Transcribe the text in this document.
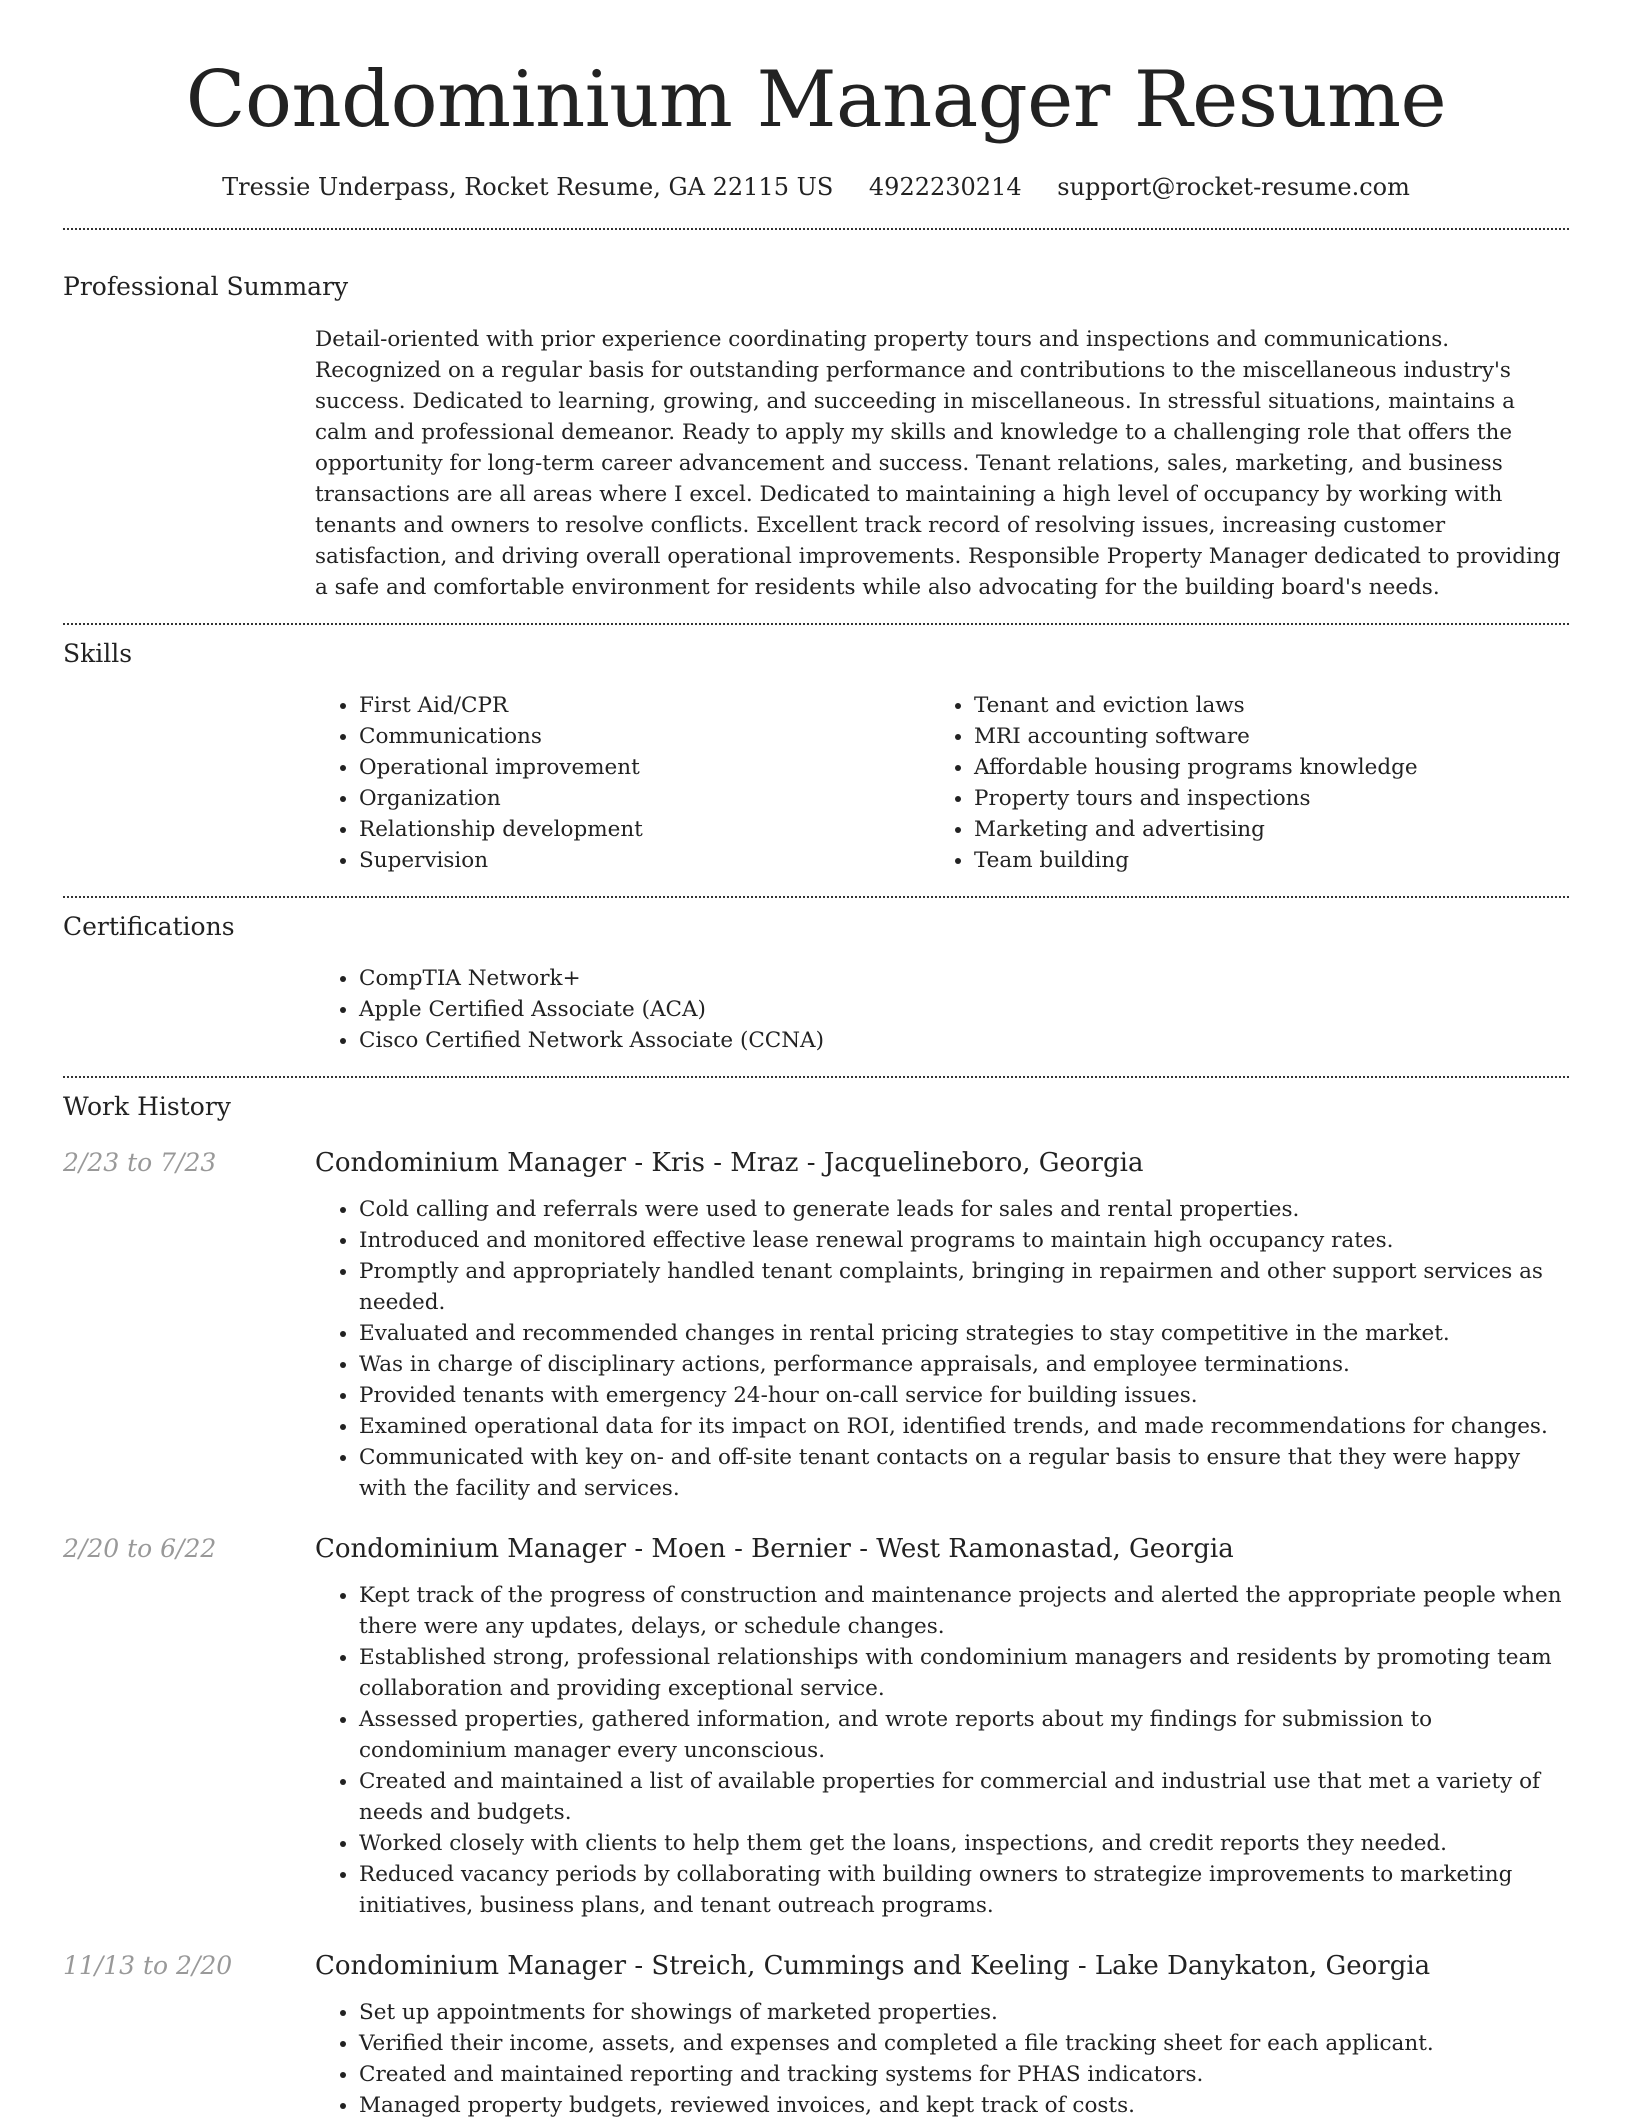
Condominium Manager Resume
Tressie Underpass, Rocket Resume, GA 22115 US 4922230214 support@rocket-resume.com
Professional Summary

Detail-oriented with prior experience coordinating property tours and inspections and communications. Recognized on a regular basis for outstanding performance and contributions to the miscellaneous industry's success. Dedicated to learning, growing, and succeeding in miscellaneous. In stressful situations, maintains a calm and professional demeanor. Ready to apply my skills and knowledge to a challenging role that offers the opportunity for long-term career advancement and success. Tenant relations, sales, marketing, and business transactions are all areas where I excel. Dedicated to maintaining a high level of occupancy by working with tenants and owners to resolve conflicts. Excellent track record of resolving issues, increasing customer satisfaction, and driving overall operational improvements. Responsible Property Manager dedicated to providing a safe and comfortable environment for residents while also advocating for the building board's needs.

Skills
• First Aid/CPR
• Communications
• Operational improvement
• Organization
• Relationship development
• Supervision
• Tenant and eviction laws
• MRI accounting software
• Affordable housing programs knowledge
• Property tours and inspections
• Marketing and advertising
• Team building
Certifications
• CompTIA Network+
• Apple Certified Associate (ACA)
• Cisco Certified Network Associate (CCNA)
Work History
2/23 to 7/23	Condominium Manager - Kris - Mraz - Jacquelineboro, Georgia
• Cold calling and referrals were used to generate leads for sales and rental properties.
• Introduced and monitored effective lease renewal programs to maintain high occupancy rates.
• Promptly and appropriately handled tenant complaints, bringing in repairmen and other support services as needed.
• Evaluated and recommended changes in rental pricing strategies to stay competitive in the market.
• Was in charge of disciplinary actions, performance appraisals, and employee terminations.
• Provided tenants with emergency 24-hour on-call service for building issues.
• Examined operational data for its impact on ROI, identified trends, and made recommendations for changes.
• Communicated with key on- and off-site tenant contacts on a regular basis to ensure that they were happy with the facility and services.
2/20 to 6/22	Condominium Manager - Moen - Bernier - West Ramonastad, Georgia
• Kept track of the progress of construction and maintenance projects and alerted the appropriate people when there were any updates, delays, or schedule changes.
• Established strong, professional relationships with condominium managers and residents by promoting team collaboration and providing exceptional service.
• Assessed properties, gathered information, and wrote reports about my findings for submission to condominium manager every unconscious.
• Created and maintained a list of available properties for commercial and industrial use that met a variety of needs and budgets.
• Worked closely with clients to help them get the loans, inspections, and credit reports they needed.
• Reduced vacancy periods by collaborating with building owners to strategize improvements to marketing initiatives, business plans, and tenant outreach programs.
11/13 to 2/20	Condominium Manager - Streich, Cummings and Keeling - Lake Danykaton, Georgia
• Set up appointments for showings of marketed properties.
• Verified their income, assets, and expenses and completed a file tracking sheet for each applicant.
• Created and maintained reporting and tracking systems for PHAS indicators.
• Managed property budgets, reviewed invoices, and kept track of costs.
